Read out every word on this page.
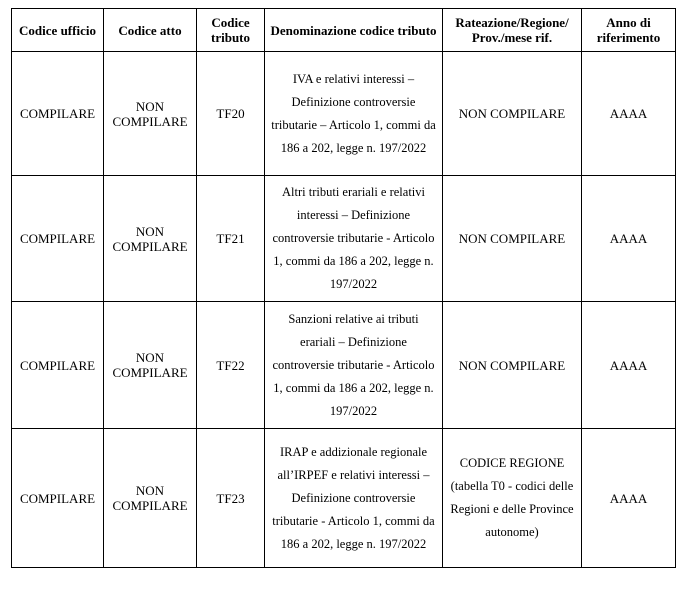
Codice ufficio	Codice atto	Codice tributo	Denominazione codice tributo	Rateazione/Regione/ Prov./mese rif.	Anno di riferimento
COMPILARE	NON COMPILARE	TF20	IVA e relativi interessi – Definizione controversie tributarie – Articolo 1, commi da 186 a 202, legge n. 197/2022	NON COMPILARE	AAAA
COMPILARE	NON COMPILARE	TF21	Altri tributi erariali e relativi interessi – Definizione controversie tributarie - Articolo 1, commi da 186 a 202, legge n. 197/2022	NON COMPILARE	AAAA
COMPILARE	NON COMPILARE	TF22	Sanzioni relative ai tributi erariali – Definizione controversie tributarie - Articolo 1, commi da 186 a 202, legge n. 197/2022	NON COMPILARE	AAAA
COMPILARE	NON COMPILARE	TF23	IRAP e addizionale regionale all’IRPEF e relativi interessi – Definizione controversie tributarie - Articolo 1, commi da 186 a 202, legge n. 197/2022	CODICE REGIONE (tabella T0 - codici delle Regioni e delle Province autonome)	AAAA
